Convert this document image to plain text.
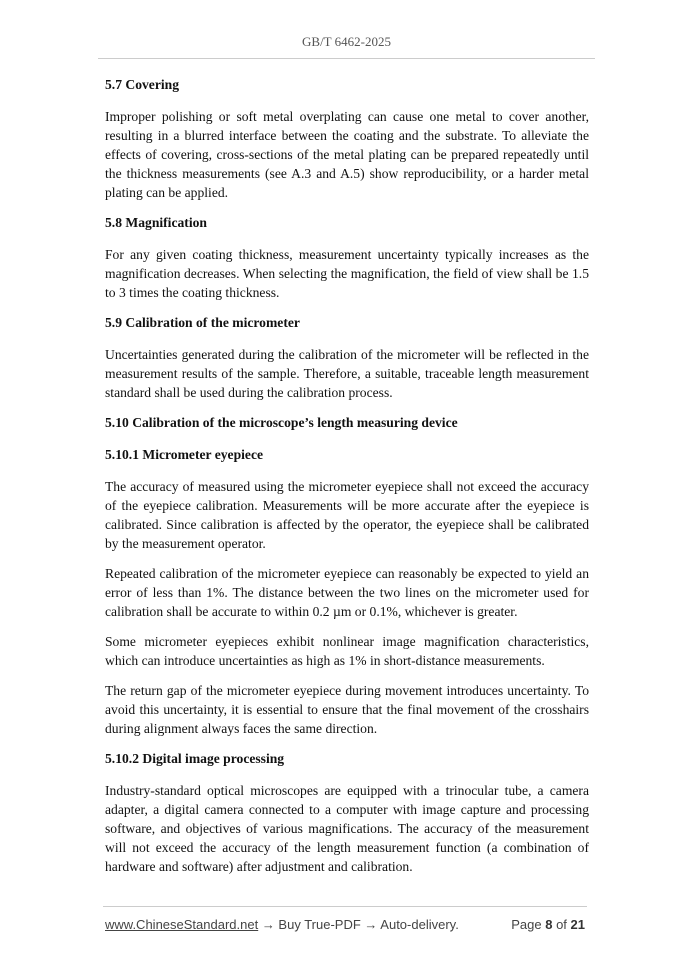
GB/T 6462-2025
5.7 Covering

Improper polishing or soft metal overplating can cause one metal to cover another, resulting in a blurred interface between the coating and the substrate. To alleviate the effects of covering, cross-sections of the metal plating can be prepared repeatedly until the thickness measurements (see A.3 and A.5) show reproducibility, or a harder metal plating can be applied.

5.8 Magnification

For any given coating thickness, measurement uncertainty typically increases as the magnification decreases. When selecting the magnification, the field of view shall be 1.5 to 3 times the coating thickness.

5.9 Calibration of the micrometer

Uncertainties generated during the calibration of the micrometer will be reflected in the measurement results of the sample. Therefore, a suitable, traceable length measurement standard shall be used during the calibration process.

5.10 Calibration of the microscope’s length measuring device
5.10.1 Micrometer eyepiece

The accuracy of measured using the micrometer eyepiece shall not exceed the accuracy of the eyepiece calibration. Measurements will be more accurate after the eyepiece is calibrated. Since calibration is affected by the operator, the eyepiece shall be calibrated by the measurement operator.

Repeated calibration of the micrometer eyepiece can reasonably be expected to yield an error of less than 1%. The distance between the two lines on the micrometer used for calibration shall be accurate to within 0.2 µm or 0.1%, whichever is greater.

Some micrometer eyepieces exhibit nonlinear image magnification characteristics, which can introduce uncertainties as high as 1% in short-distance measurements.

The return gap of the micrometer eyepiece during movement introduces uncertainty. To avoid this uncertainty, it is essential to ensure that the final movement of the crosshairs during alignment always faces the same direction.

5.10.2 Digital image processing

Industry-standard optical microscopes are equipped with a trinocular tube, a camera adapter, a digital camera connected to a computer with image capture and processing software, and objectives of various magnifications. The accuracy of the measurement will not exceed the accuracy of the length measurement function (a combination of hardware and software) after adjustment and calibration.

www.ChineseStandard.net → Buy True-PDF → Auto-delivery.	Page 8 of 21
